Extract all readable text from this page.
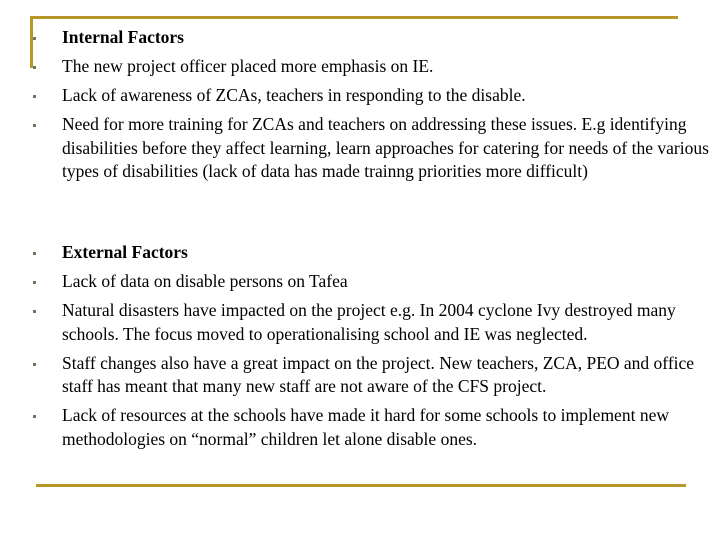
Internal Factors
The new project officer placed more emphasis on IE.
Lack of awareness of ZCAs, teachers in responding to the disable.
Need for more training for ZCAs and teachers on addressing these issues. E.g identifying disabilities before they affect learning, learn approaches for catering for needs of the various types of disabilities (lack of data has made trainng priorities more difficult)
External Factors
Lack of data on disable persons on Tafea
Natural disasters have impacted on the project e.g. In 2004 cyclone Ivy destroyed many schools. The focus moved to operationalising school and IE was neglected.
Staff changes also have a great impact on the project. New teachers, ZCA, PEO and office staff has meant that many new staff are not aware of the CFS project.
Lack of resources at the schools have made it hard for some schools to implement new methodologies on “normal” children let alone disable ones.
